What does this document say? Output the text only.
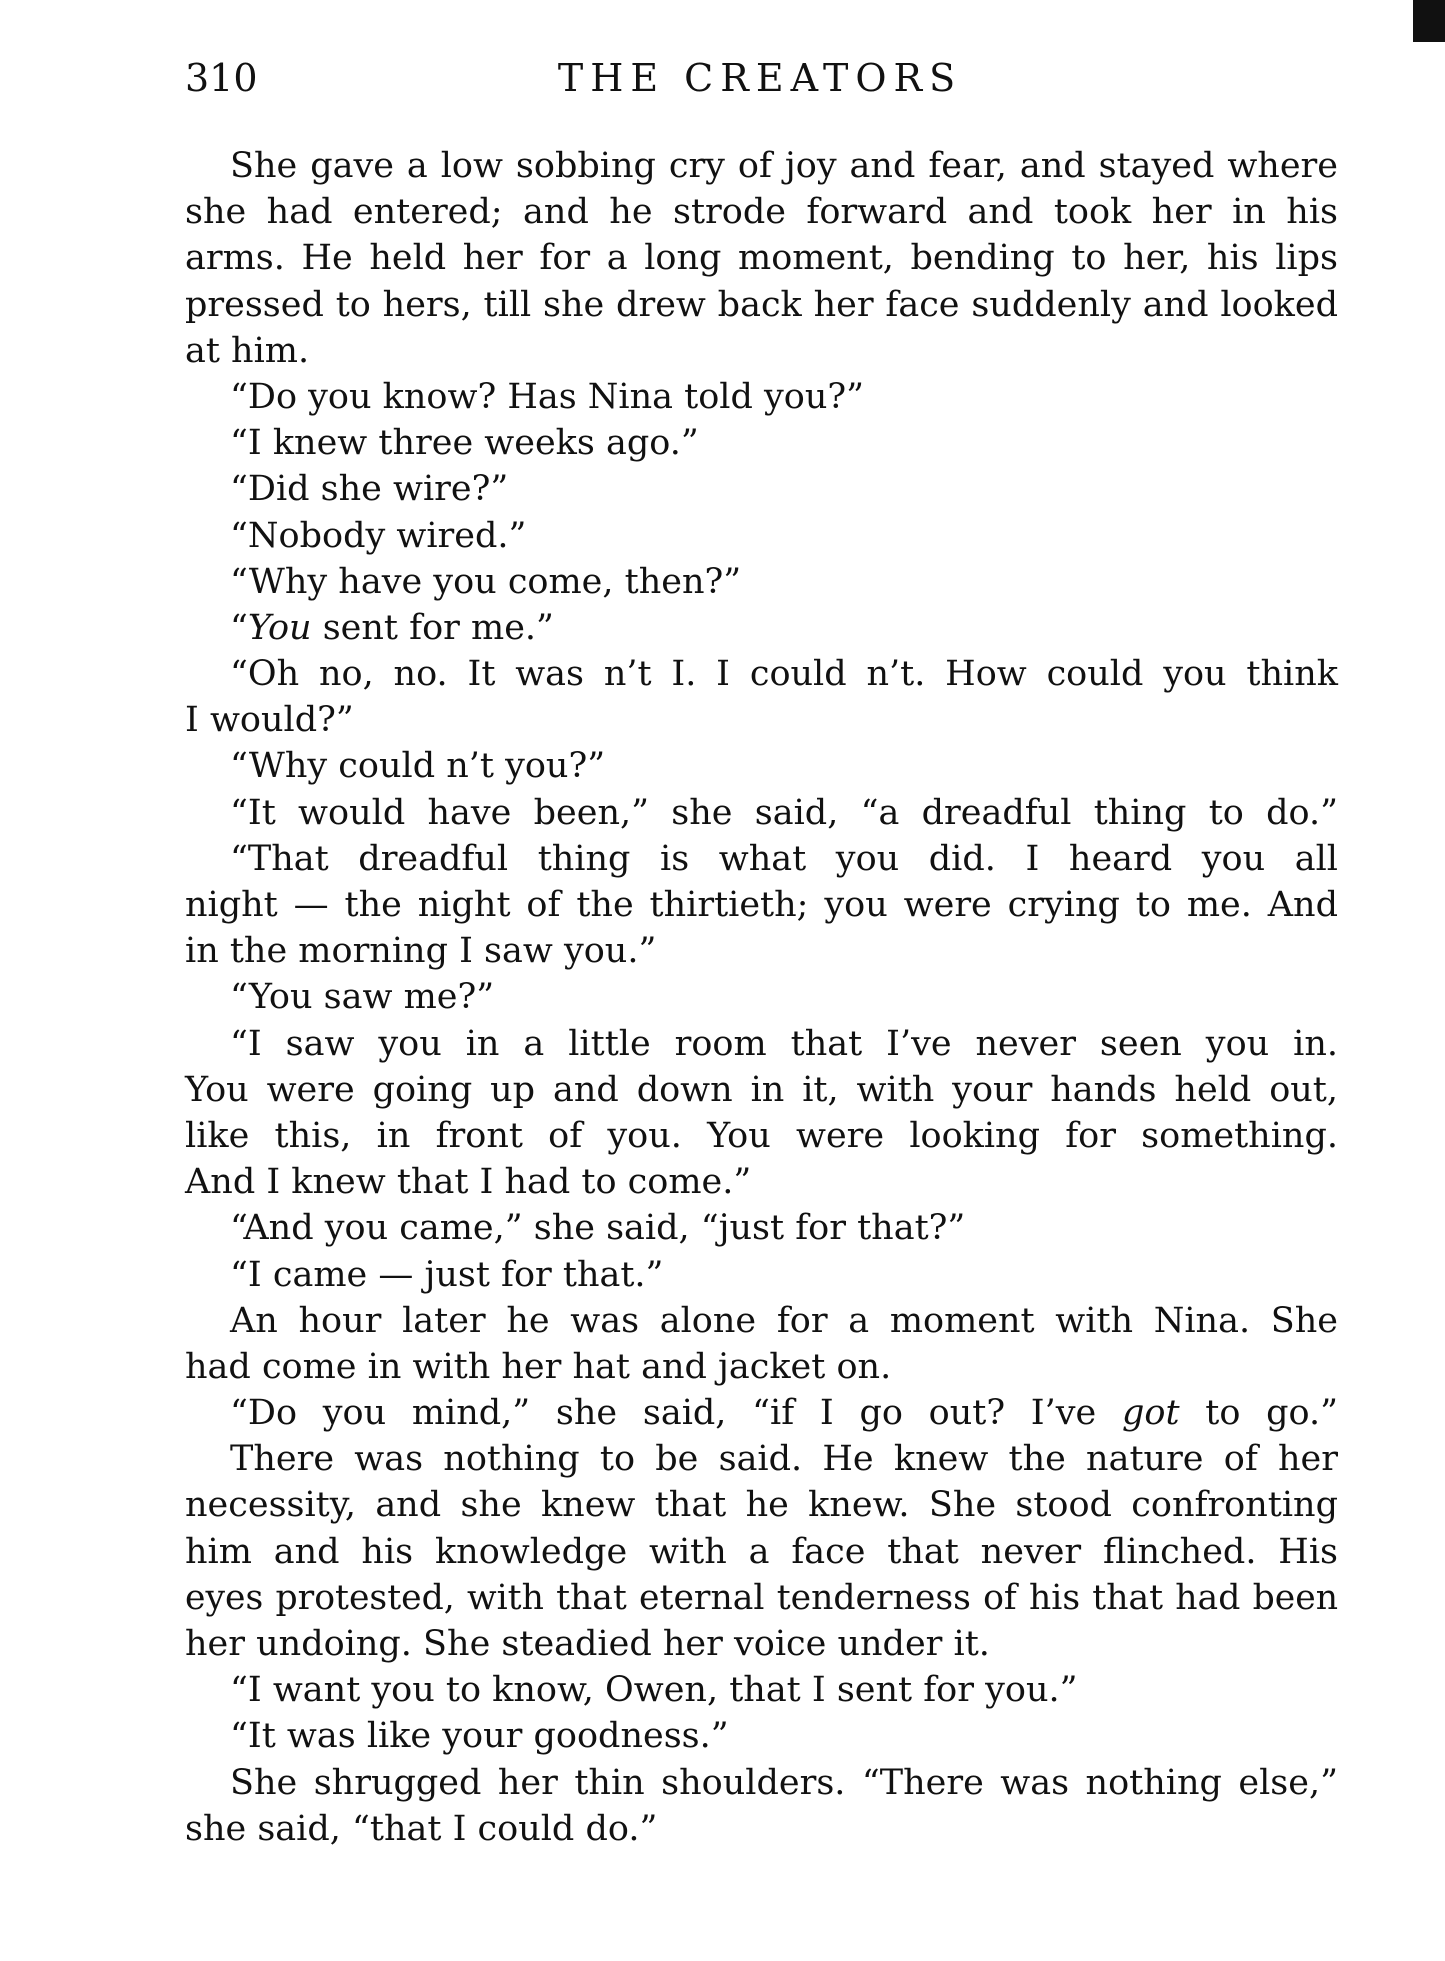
310	THE CREATORS
She gave a low sobbing cry of joy and fear, and stayed where
she had entered; and he strode forward and took her in his
arms. He held her for a long moment, bending to her, his lips
pressed to hers, till she drew back her face suddenly and looked
at him.
“Do you know? Has Nina told you?”
“I knew three weeks ago.”
“Did she wire?”
“Nobody wired.”
“Why have you come, then?”
“You sent for me.”
“Oh no, no. It was n’t I. I could n’t. How could you think
I would?”
“Why could n’t you?”
“It would have been,” she said, “a dreadful thing to do.”
“That dreadful thing is what you did. I heard you all
night — the night of the thirtieth; you were crying to me. And
in the morning I saw you.”
“You saw me?”
“I saw you in a little room that I’ve never seen you in.
You were going up and down in it, with your hands held out,
like this, in front of you. You were looking for something.
And I knew that I had to come.”
“And you came,” she said, “just for that?”
“I came — just for that.”
An hour later he was alone for a moment with Nina. She
had come in with her hat and jacket on.
“Do you mind,” she said, “if I go out? I’ve got to go.”
There was nothing to be said. He knew the nature of her
necessity, and she knew that he knew. She stood confronting
him and his knowledge with a face that never flinched. His
eyes protested, with that eternal tenderness of his that had been
her undoing. She steadied her voice under it.
“I want you to know, Owen, that I sent for you.”
“It was like your goodness.”
She shrugged her thin shoulders. “There was nothing else,”
she said, “that I could do.”
